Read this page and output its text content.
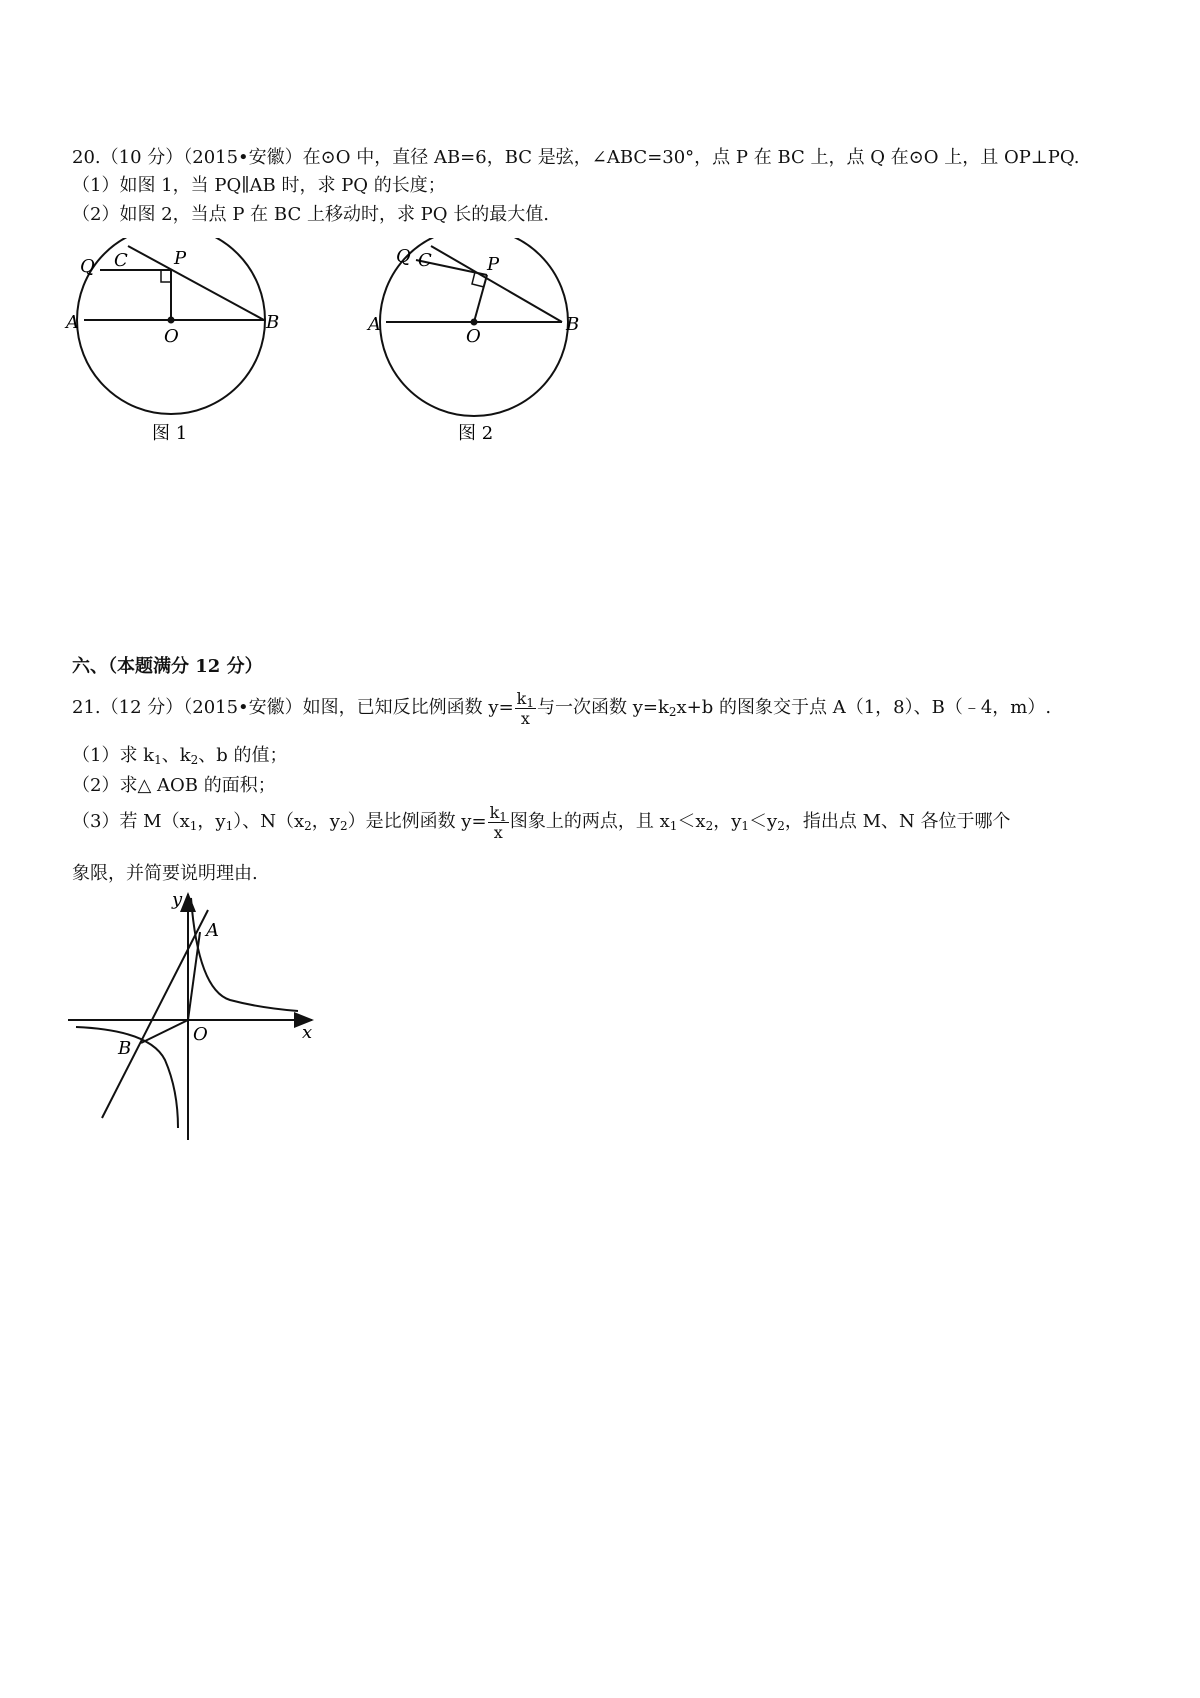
20.（10 分）（2015•安徽）在⊙O 中，直径 AB=6，BC 是弦，∠ABC=30°，点 P 在 BC 上，点 Q 在⊙O 上，且 OP⊥PQ.
（1）如图 1，当 PQ∥AB 时，求 PQ 的长度；
（2）如图 2，当点 P 在 BC 上移动时，求 PQ 长的最大值.
C
Q	P
A
O
B
图 1
C
Q	P
A
O
B
图 2
六、（本题满分 12 分）
21.（12 分）（2015•安徽）如图，已知反比例函数 $y= \frac{k_1}{x}$ 与一次函数 $y=k_2x+b$ 的图象交于点 A（1，8）、B（﹣4，m）.
（1）求 $k_1$、$k_2$、b 的值；
（2）求△ AOB 的面积；
（3）若 $M(x_1$，$y_1$）、$N(x_2$，$y_2$）是比例函数 $y= \frac{k_1}{x}$ 图象上的两点，且 $x_1<x_2$，$y_1<y_2$，指出点 M、N 各位于哪个
象限，并简要说明理由.
y
A
O	x
B
